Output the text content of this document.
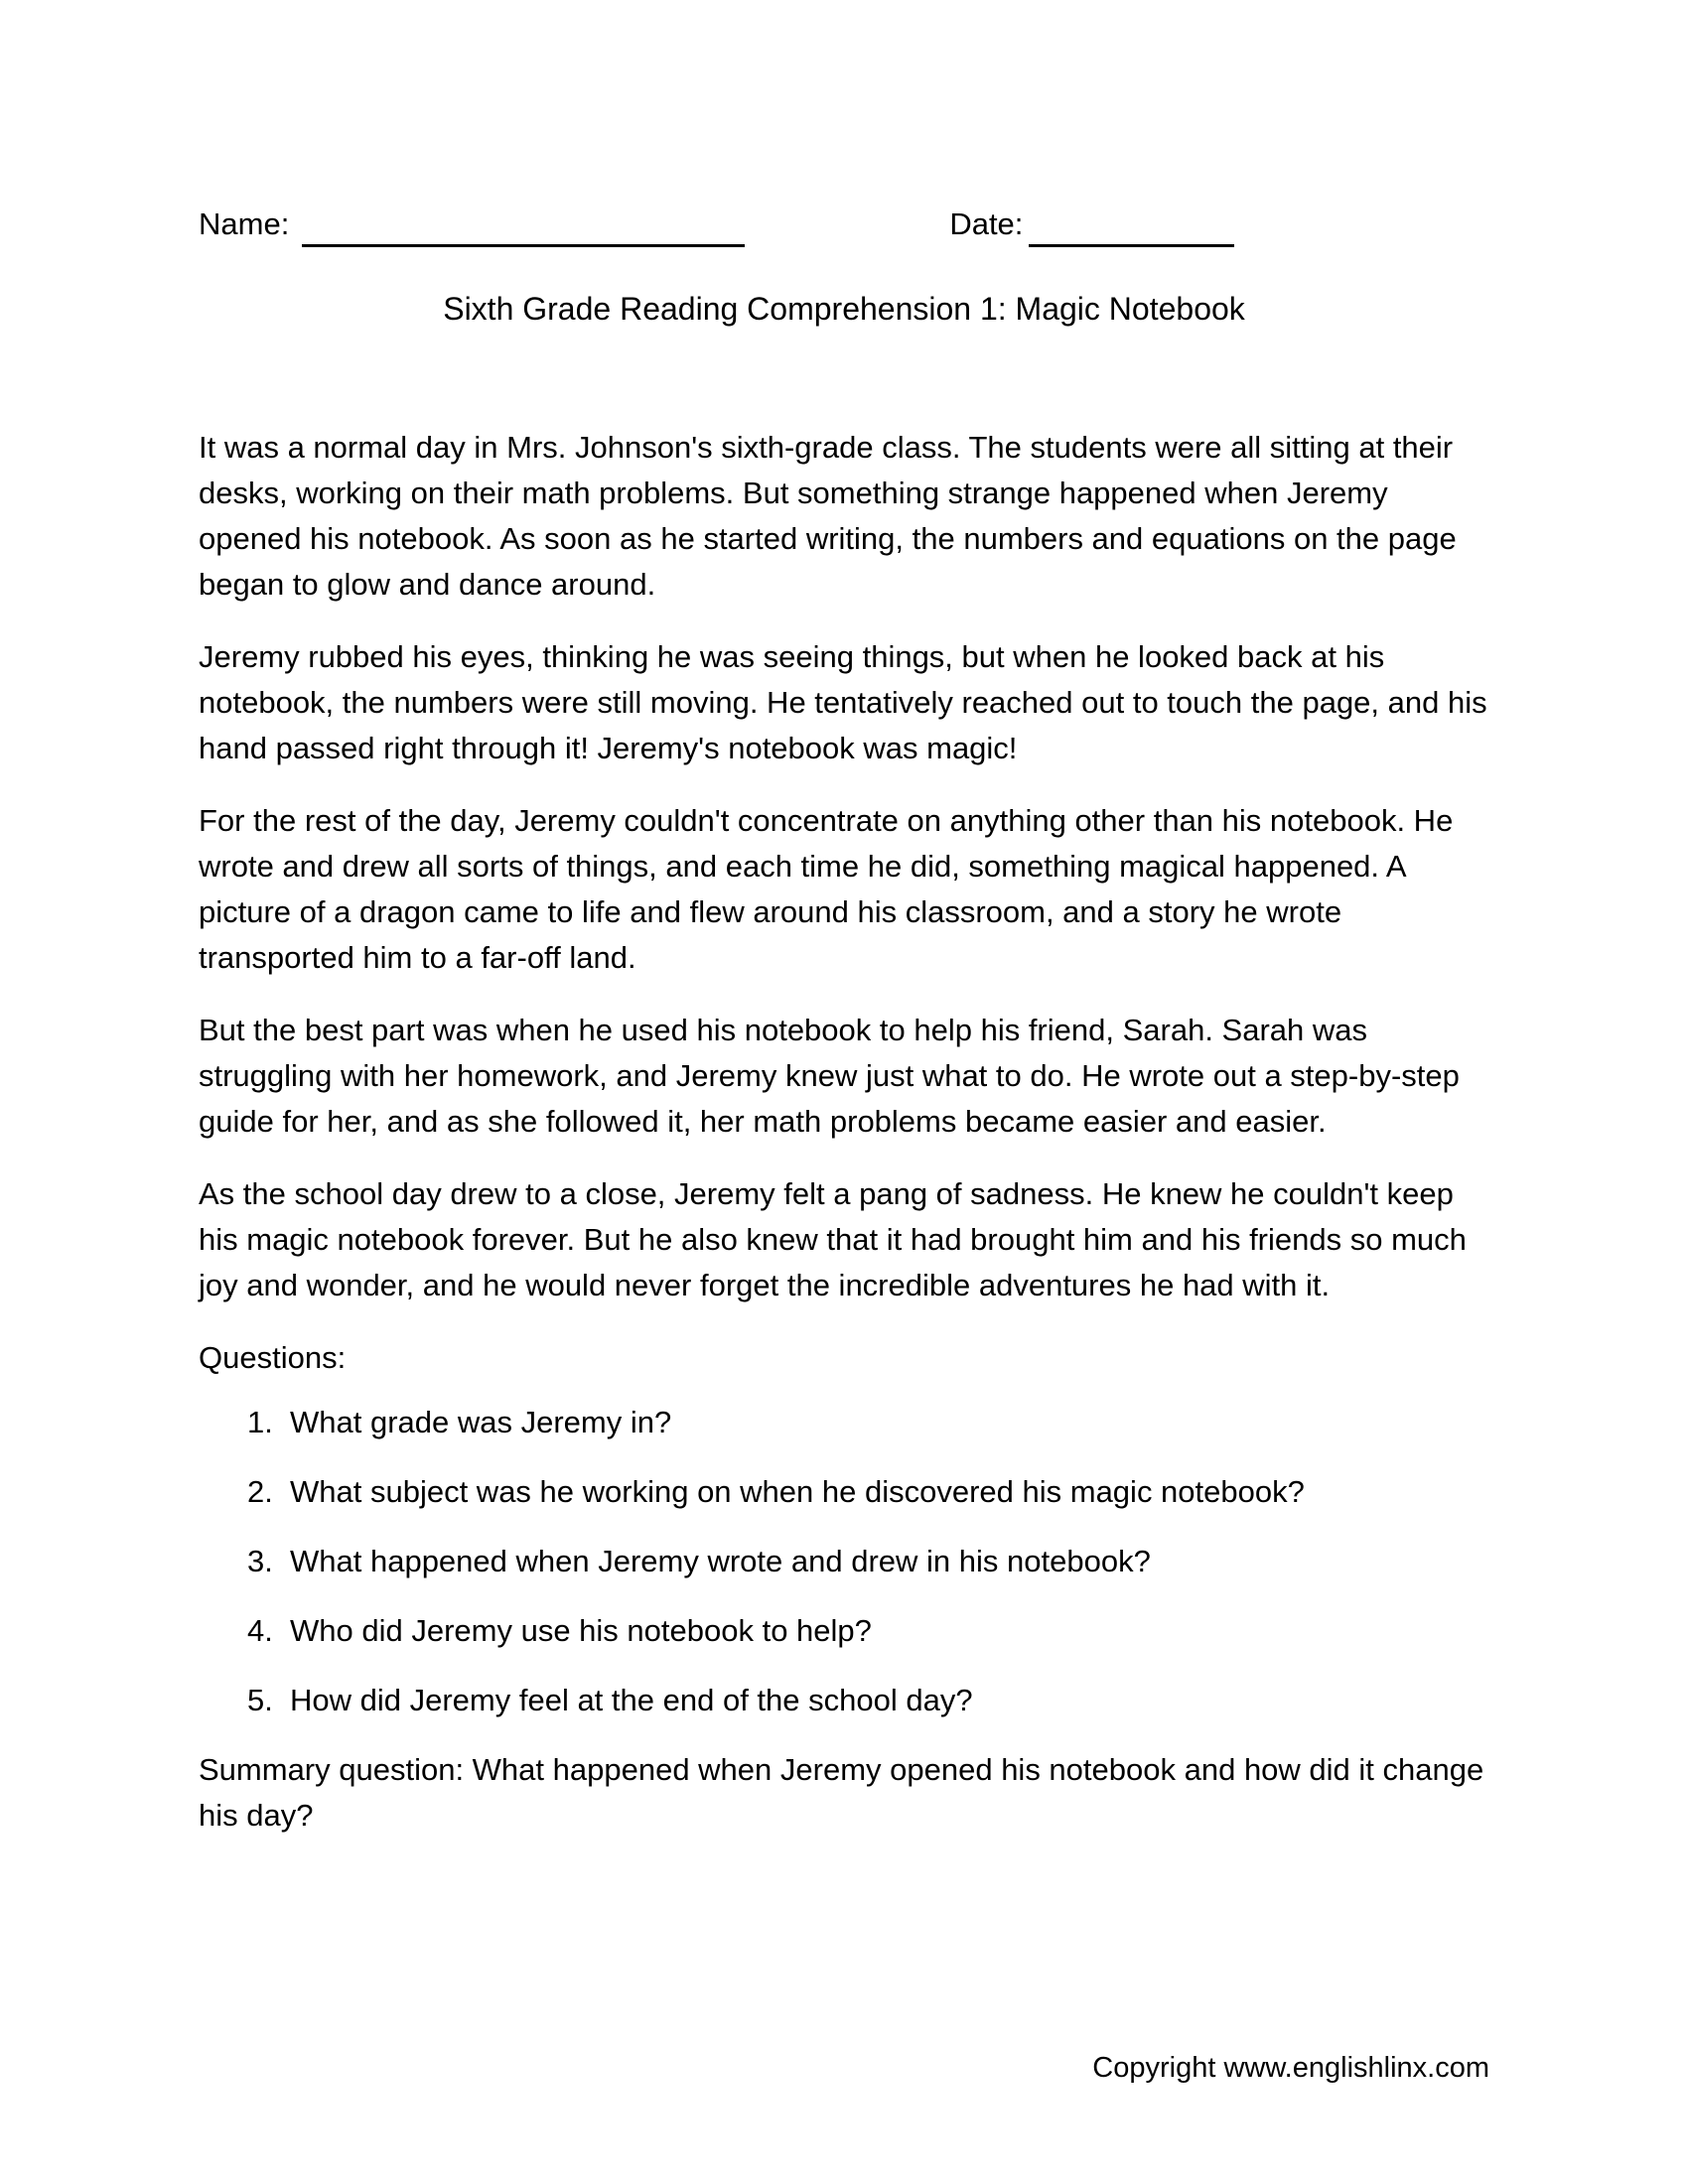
Name:	Date:
Sixth Grade Reading Comprehension 1: Magic Notebook

It was a normal day in Mrs. Johnson's sixth-grade class. The students were all sitting at their desks, working on their math problems. But something strange happened when Jeremy opened his notebook. As soon as he started writing, the numbers and equations on the page began to glow and dance around.

Jeremy rubbed his eyes, thinking he was seeing things, but when he looked back at his notebook, the numbers were still moving. He tentatively reached out to touch the page, and his hand passed right through it! Jeremy's notebook was magic!

For the rest of the day, Jeremy couldn't concentrate on anything other than his notebook. He wrote and drew all sorts of things, and each time he did, something magical happened. A picture of a dragon came to life and flew around his classroom, and a story he wrote transported him to a far-off land.

But the best part was when he used his notebook to help his friend, Sarah. Sarah was struggling with her homework, and Jeremy knew just what to do. He wrote out a step-by-step guide for her, and as she followed it, her math problems became easier and easier.

As the school day drew to a close, Jeremy felt a pang of sadness. He knew he couldn't keep his magic notebook forever. But he also knew that it had brought him and his friends so much joy and wonder, and he would never forget the incredible adventures he had with it.

Questions:
1. What grade was Jeremy in?
2. What subject was he working on when he discovered his magic notebook?
3. What happened when Jeremy wrote and drew in his notebook?
4. Who did Jeremy use his notebook to help?
5. How did Jeremy feel at the end of the school day?

Summary question: What happened when Jeremy opened his notebook and how did it change his day?

Copyright www.englishlinx.com
